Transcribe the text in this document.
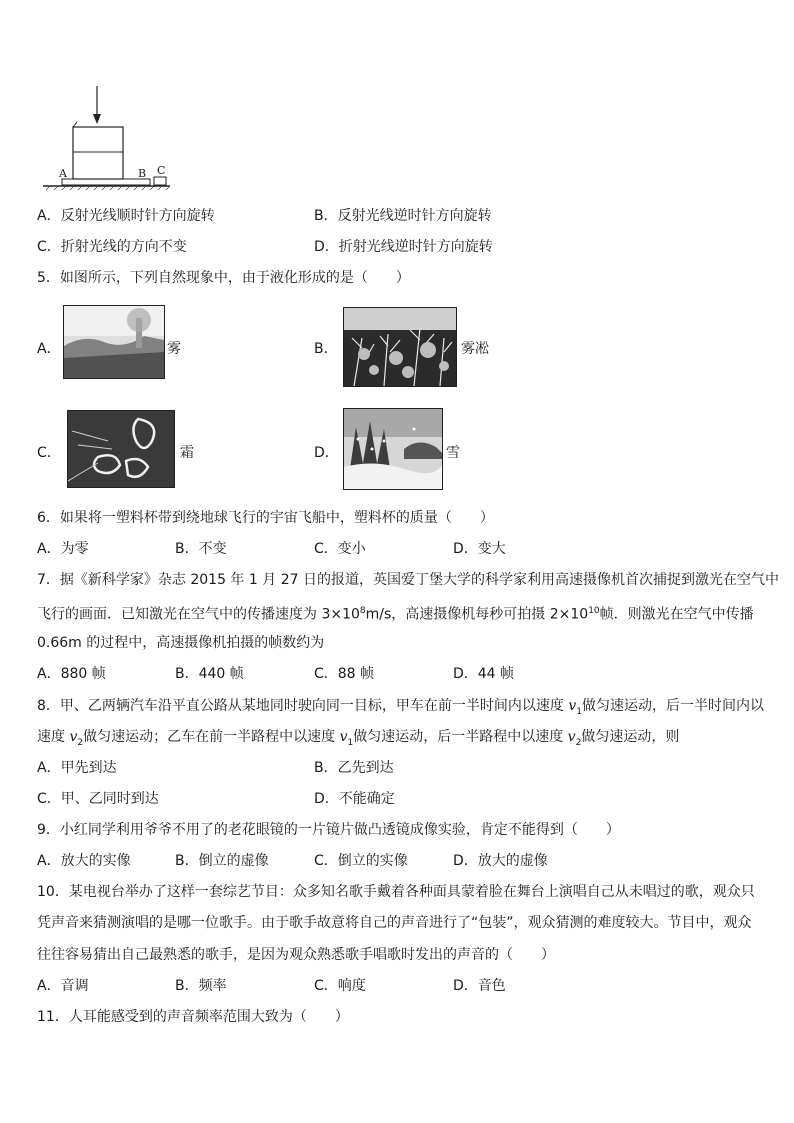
A	B C
A．反射光线顺时针方向旋转	B．反射光线逆时针方向旋转
C．折射光线的方向不变	D．折射光线逆时针方向旋转
5．如图所示，下列自然现象中，由于液化形成的是（　　）
A．	雾	B．	雾凇
C．	霜	D．	雪
6．如果将一塑料杯带到绕地球飞行的宇宙飞船中，塑料杯的质量（　　）
A．为零	B．不变	C．变小	D．变大
7．据《新科学家》杂志 2015 年 1 月 27 日的报道，英国爱丁堡大学的科学家利用高速摄像机首次捕捉到激光在空气中
飞行的画面．已知激光在空气中的传播速度为 $3\times 10^8m/s$，高速摄像机每秒可拍摄 $2\times 10^{10}$帧．则激光在空气中传播
0.66m 的过程中，高速摄像机拍摄的帧数约为
A．880 帧	B．440 帧	C．88 帧	D．44 帧
8．甲、乙两辆汽车沿平直公路从某地同时驶向同一目标，甲车在前一半时间内以速度 $v_1$做匀速运动，后一半时间内以
速度 $v_2$做匀速运动；乙车在前一半路程中以速度 $v_1$做匀速运动，后一半路程中以速度 $v_2$做匀速运动，则
A．甲先到达	B．乙先到达
C．甲、乙同时到达	D．不能确定
9．小红同学利用爷爷不用了的老花眼镜的一片镜片做凸透镜成像实验，肯定不能得到（　　）
A．放大的实像	B．倒立的虚像	C．倒立的实像	D．放大的虚像
10．某电视台举办了这样一套综艺节目：众多知名歌手戴着各种面具蒙着脸在舞台上演唱自己从未唱过的歌，观众只
凭声音来猜测演唱的是哪一位歌手。由于歌手故意将自己的声音进行了“包装”，观众猜测的难度较大。节目中，观众
往往容易猜出自己最熟悉的歌手，是因为观众熟悉歌手唱歌时发出的声音的（　　）
A．音调	B．频率	C．响度	D．音色
11．人耳能感受到的声音频率范围大致为（　　）
